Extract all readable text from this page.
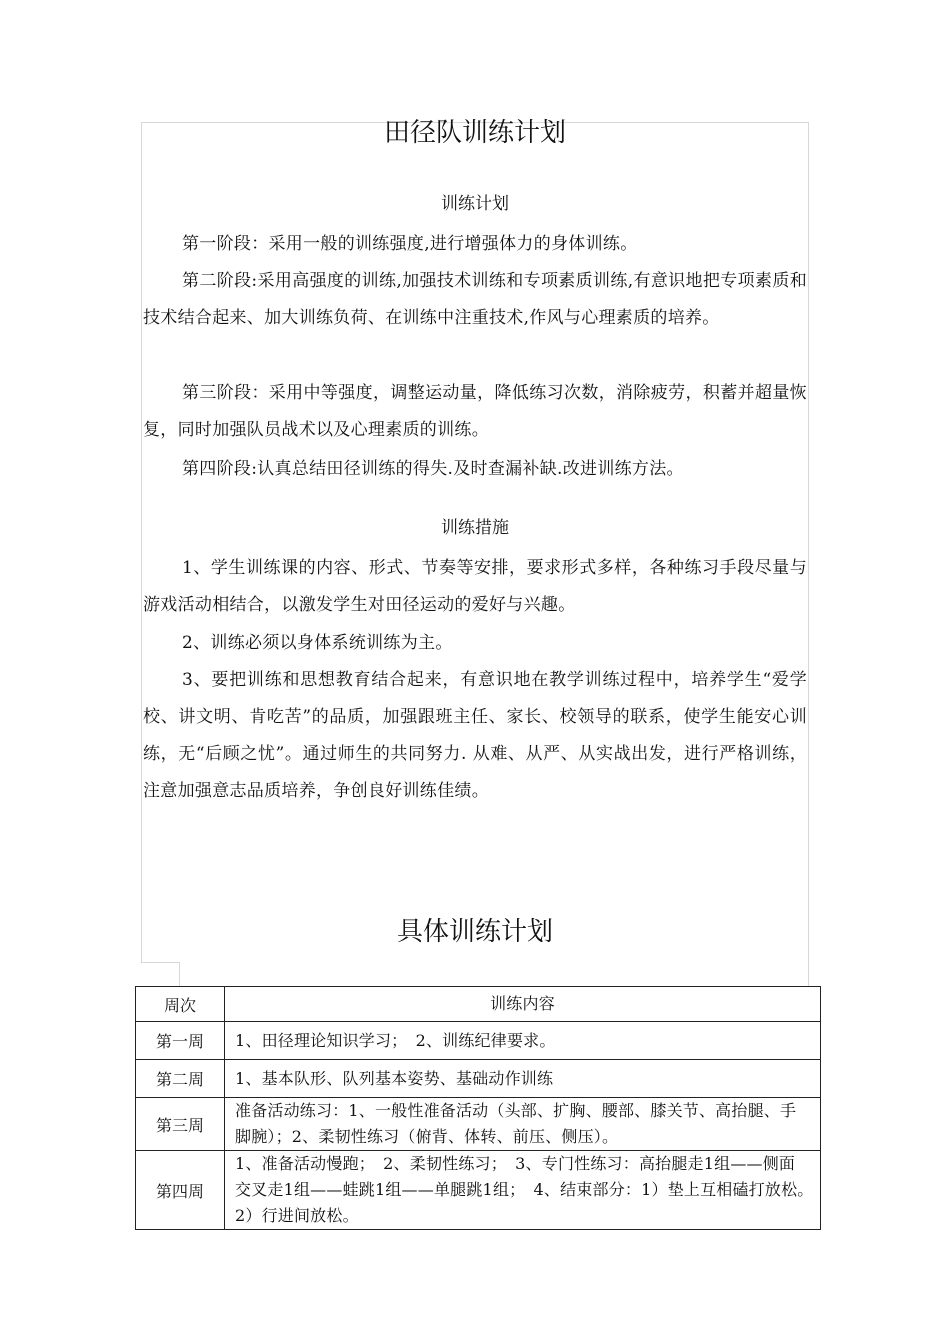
田径队训练计划
训练计划
第一阶段：采用一般的训练强度,进行增强体力的身体训练。
第二阶段:采用高强度的训练,加强技术训练和专项素质训练,有意识地把专项素质和技术结合起来、加大训练负荷、在训练中注重技术,作风与心理素质的培养。
第三阶段：采用中等强度，调整运动量，降低练习次数，消除疲劳，积蓄并超量恢复，同时加强队员战术以及心理素质的训练。
第四阶段:认真总结田径训练的得失.及时查漏补缺.改进训练方法。
训练措施
1、学生训练课的内容、形式、节奏等安排，要求形式多样，各种练习手段尽量与游戏活动相结合，以激发学生对田径运动的爱好与兴趣。
2、训练必须以身体系统训练为主。
3、要把训练和思想教育结合起来，有意识地在教学训练过程中，培养学生“爱学校、讲文明、肯吃苦”的品质，加强跟班主任、家长、校领导的联系，使学生能安心训练，无“后顾之忧”。通过师生的共同努力. 从难、从严、从实战出发，进行严格训练，注意加强意志品质培养，争创良好训练佳绩。
具体训练计划
周次	训练内容
第一周	1、田径理论知识学习；　2、训练纪律要求。
第二周	1、基本队形、队列基本姿势、基础动作训练
第三周	准备活动练习：1、一般性准备活动（头部、扩胸、腰部、膝关节、高抬腿、手脚腕）；2、柔韧性练习（俯背、体转、前压、侧压）。
第四周	1、准备活动慢跑；　2、柔韧性练习；　3、专门性练习：高抬腿走1组——侧面交叉走1组——蛙跳1组——单腿跳1组；　4、结束部分：1）垫上互相磕打放松。　2）行进间放松。
